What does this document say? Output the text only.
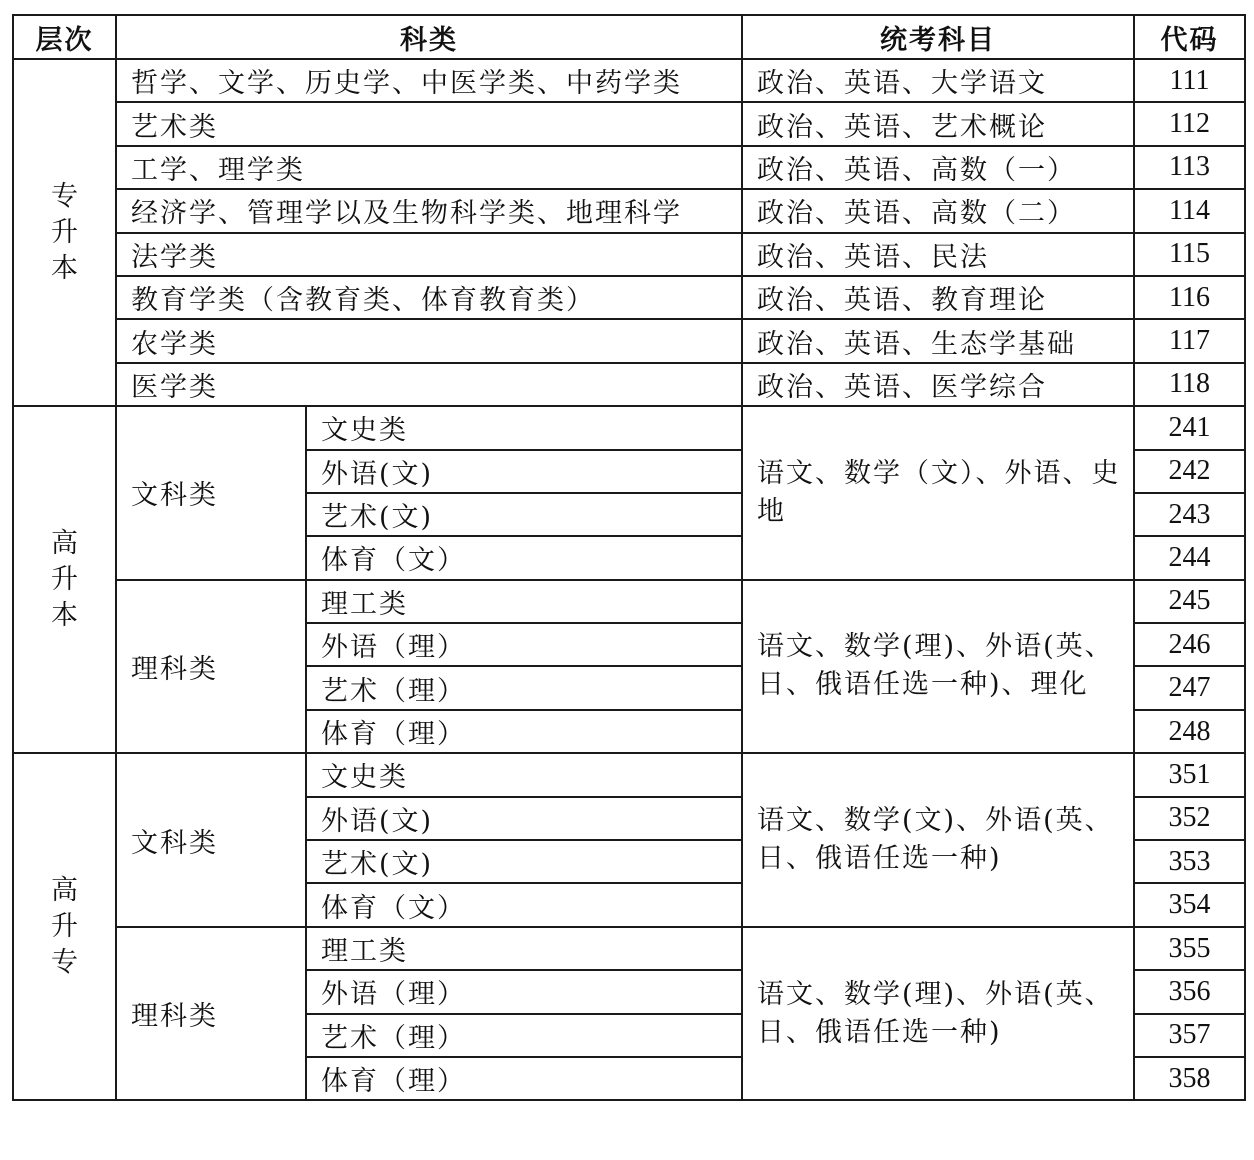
层次	科类		统考科目	代码

专
升
本	哲学、文学、历史学、中医学类、中药学类		政治、英语、大学语文	111
	艺术类		政治、英语、艺术概论	112
	工学、理学类		政治、英语、高数（一）	113
	经济学、管理学以及生物科学类、地理科学		政治、英语、高数（二）	114
	法学类		政治、英语、民法	115
	教育学类（含教育类、体育教育类）		政治、英语、教育理论	116
	农学类		政治、英语、生态学基础	117
	医学类		政治、英语、医学综合	118

高
升
本	文科类	文史类	语文、数学（文）、外语、史地	241
		外语(文)		242
		艺术(文)		243
		体育（文）		244
	理科类	理工类	语文、数学(理)、外语(英、日、俄语任选一种)、理化	245
		外语（理）		246
		艺术（理）		247
		体育（理）		248

高
升
专	文科类	文史类	语文、数学(文)、外语(英、日、俄语任选一种)	351
		外语(文)		352
		艺术(文)		353
		体育（文）		354
	理科类	理工类	语文、数学(理)、外语(英、日、俄语任选一种)	355
		外语（理）		356
		艺术（理）		357
		体育（理）		358
